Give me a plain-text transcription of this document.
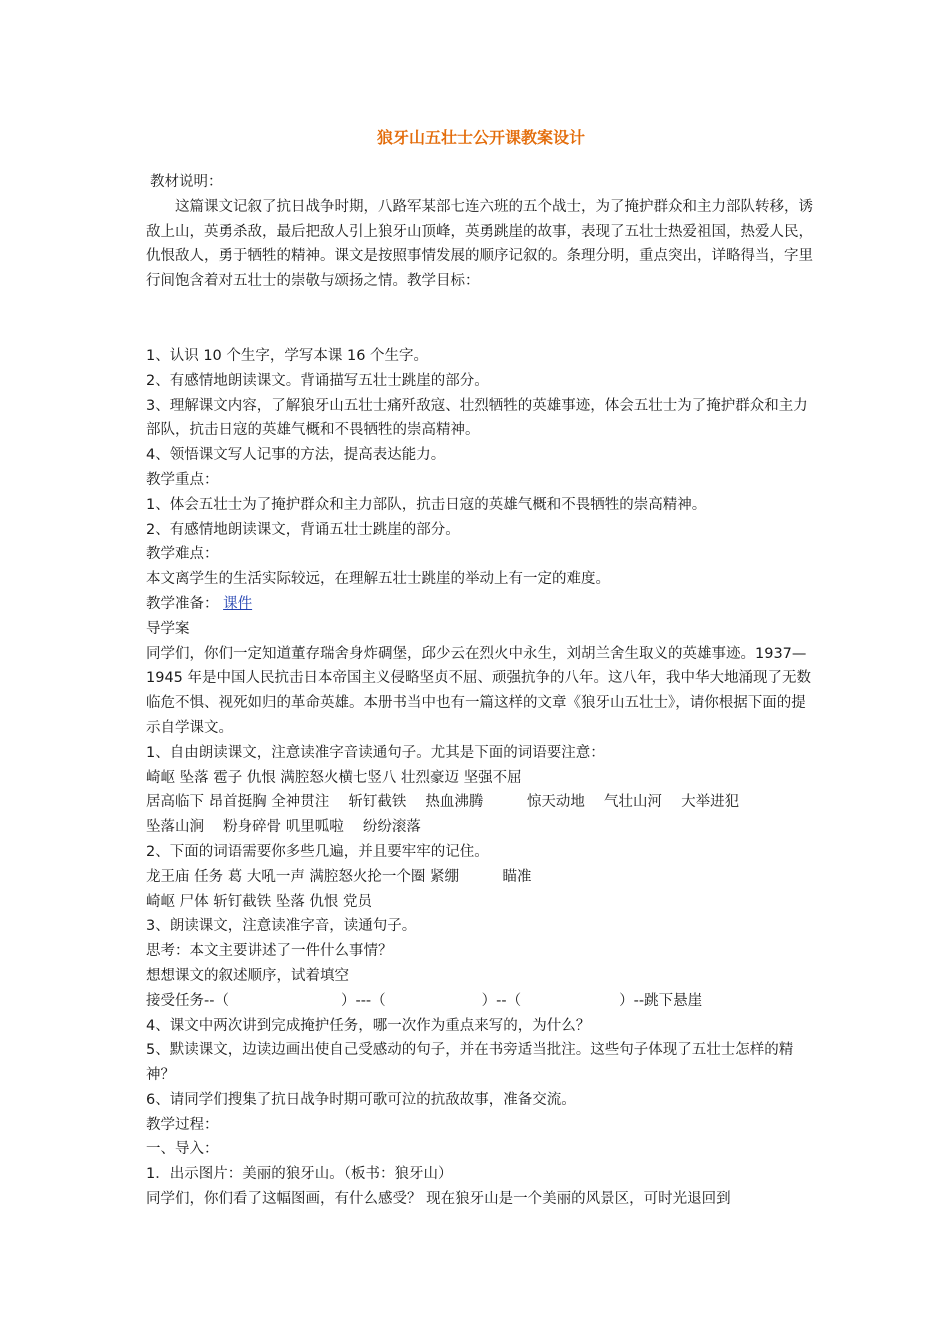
狼牙山五壮士公开课教案设计
教材说明：
这篇课文记叙了抗日战争时期，八路军某部七连六班的五个战士，为了掩护群众和主力部队转移，诱敌上山，英勇杀敌，最后把敌人引上狼牙山顶峰，英勇跳崖的故事，表现了五壮士热爱祖国，热爱人民，仇恨敌人，勇于牺牲的精神。课文是按照事情发展的顺序记叙的。条理分明，重点突出，详略得当，字里行间饱含着对五壮士的崇敬与颂扬之情。教学目标：
1、认识 10 个生字，学写本课 16 个生字。
2、有感情地朗读课文。背诵描写五壮士跳崖的部分。
3、理解课文内容，了解狼牙山五壮士痛歼敌寇、壮烈牺牲的英雄事迹，体会五壮士为了掩护群众和主力部队，抗击日寇的英雄气概和不畏牺牲的崇高精神。
4、领悟课文写人记事的方法，提高表达能力。
教学重点：
1、体会五壮士为了掩护群众和主力部队，抗击日寇的英雄气概和不畏牺牲的崇高精神。
2、有感情地朗读课文，背诵五壮士跳崖的部分。
教学难点：
本文离学生的生活实际较远，在理解五壮士跳崖的举动上有一定的难度。
教学准备： 课件
导学案
同学们，你们一定知道董存瑞舍身炸碉堡，邱少云在烈火中永生，刘胡兰舍生取义的英雄事迹。1937—1945 年是中国人民抗击日本帝国主义侵略坚贞不屈、顽强抗争的八年。这八年，我中华大地涌现了无数临危不惧、视死如归的革命英雄。本册书当中也有一篇这样的文章《狼牙山五壮士》，请你根据下面的提示自学课文。
1、自由朗读课文，注意读准字音读通句子。尤其是下面的词语要注意：
崎岖 坠落 雹子 仇恨 满腔怒火横七竖八 壮烈豪迈 坚强不屈
居高临下 昂首挺胸 全神贯注　 斩钉截铁　 热血沸腾　　　惊天动地　 气壮山河　 大举进犯
坠落山涧　 粉身碎骨 叽里呱啦　 纷纷滚落
2、下面的词语需要你多些几遍，并且要牢牢的记住。
龙王庙 任务 葛 大吼一声 满腔怒火抡一个圈 紧绷　　　瞄准
崎岖 尸体 斩钉截铁 坠落 仇恨 党员
3、朗读课文，注意读准字音，读通句子。
思考：本文主要讲述了一件什么事情？
想想课文的叙述顺序，试着填空
接受任务--（	）---（	）--（	）--跳下悬崖
4、课文中两次讲到完成掩护任务，哪一次作为重点来写的，为什么？
5、默读课文，边读边画出使自己受感动的句子，并在书旁适当批注。这些句子体现了五壮士怎样的精神？
6、请同学们搜集了抗日战争时期可歌可泣的抗敌故事，准备交流。
教学过程：
一、导入：
1．出示图片：美丽的狼牙山。（板书：狼牙山）
同学们，你们看了这幅图画，有什么感受？ 现在狼牙山是一个美丽的风景区，可时光退回到
